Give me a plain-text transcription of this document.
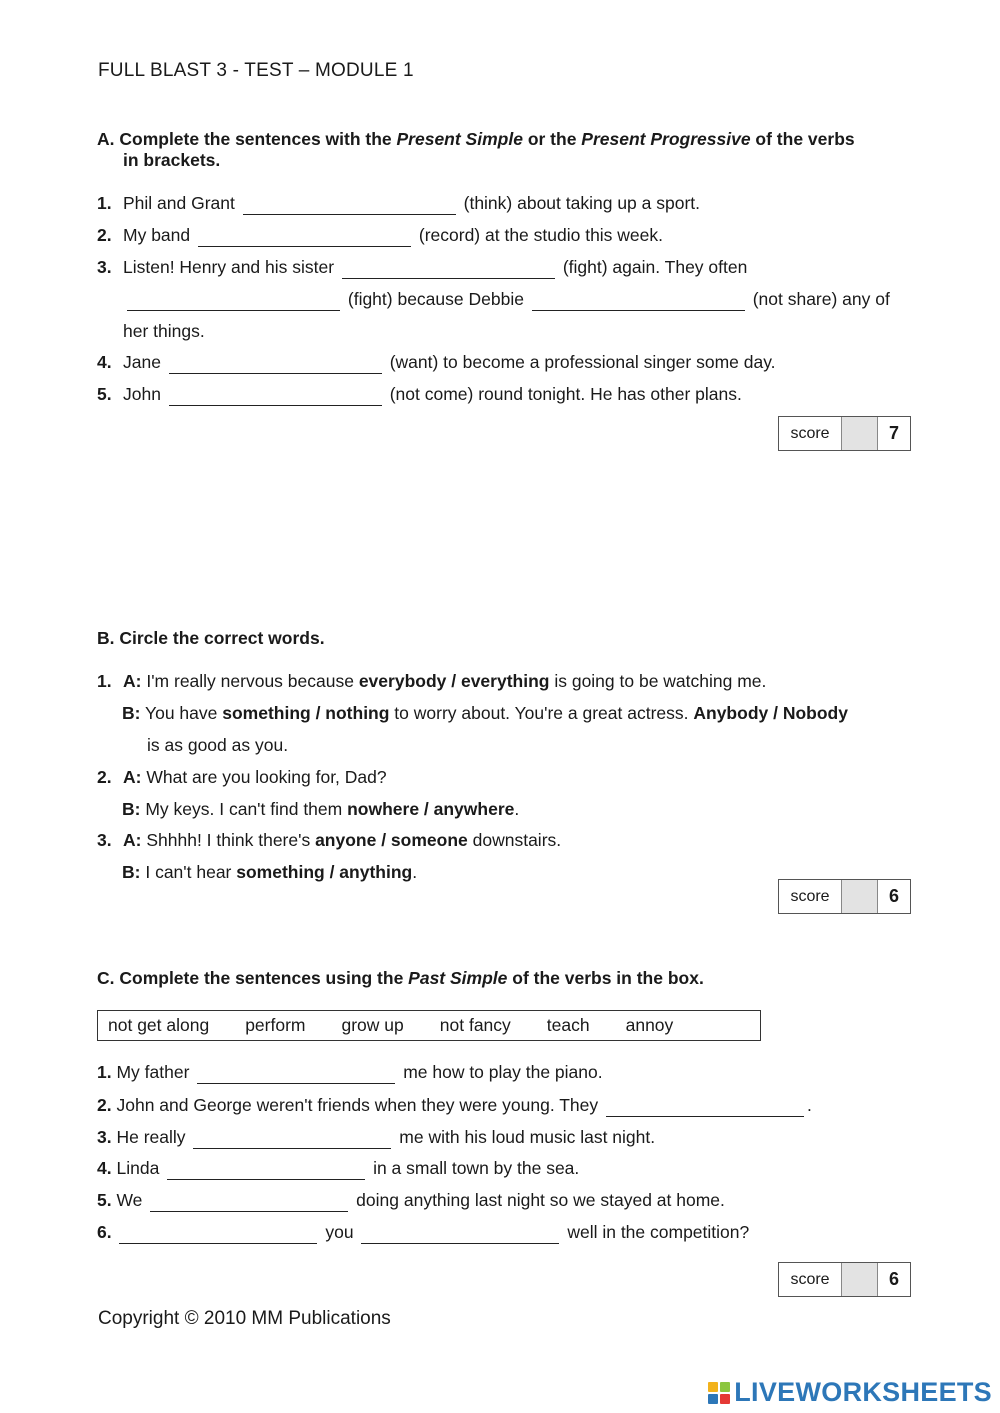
FULL BLAST 3 - TEST – MODULE 1
A. Complete the sentences with the Present Simple or the Present Progressive of the verbs
in brackets.
1. Phil and Grant	(think) about taking up a sport.
2. My band	(record) at the studio this week.
3. Listen! Henry and his sister	(fight) again. They often
(fight) because Debbie	(not share) any of
her things.
4. Jane	(want) to become a professional singer some day.
5. John	(not come) round tonight. He has other plans.
score	7
B. Circle the correct words.
1. A: I'm really nervous because everybody / everything is going to be watching me.
B: You have something / nothing to worry about. You're a great actress. Anybody / Nobody
is as good as you.
2. A: What are you looking for, Dad?
B: My keys. I can't find them nowhere / anywhere.
3. A: Shhhh! I think there's anyone / someone downstairs.
B: I can't hear something / anything.
score	6
C. Complete the sentences using the Past Simple of the verbs in the box.
not get along perform grow up not fancy teach annoy
1. My father	me how to play the piano.
2. John and George weren't friends when they were young. They	.
3. He really	me with his loud music last night.
4. Linda	in a small town by the sea.
5. We	doing anything last night so we stayed at home.
6.	you	well in the competition?
score	6
Copyright © 2010 MM Publications
LIVEWORKSHEETS
